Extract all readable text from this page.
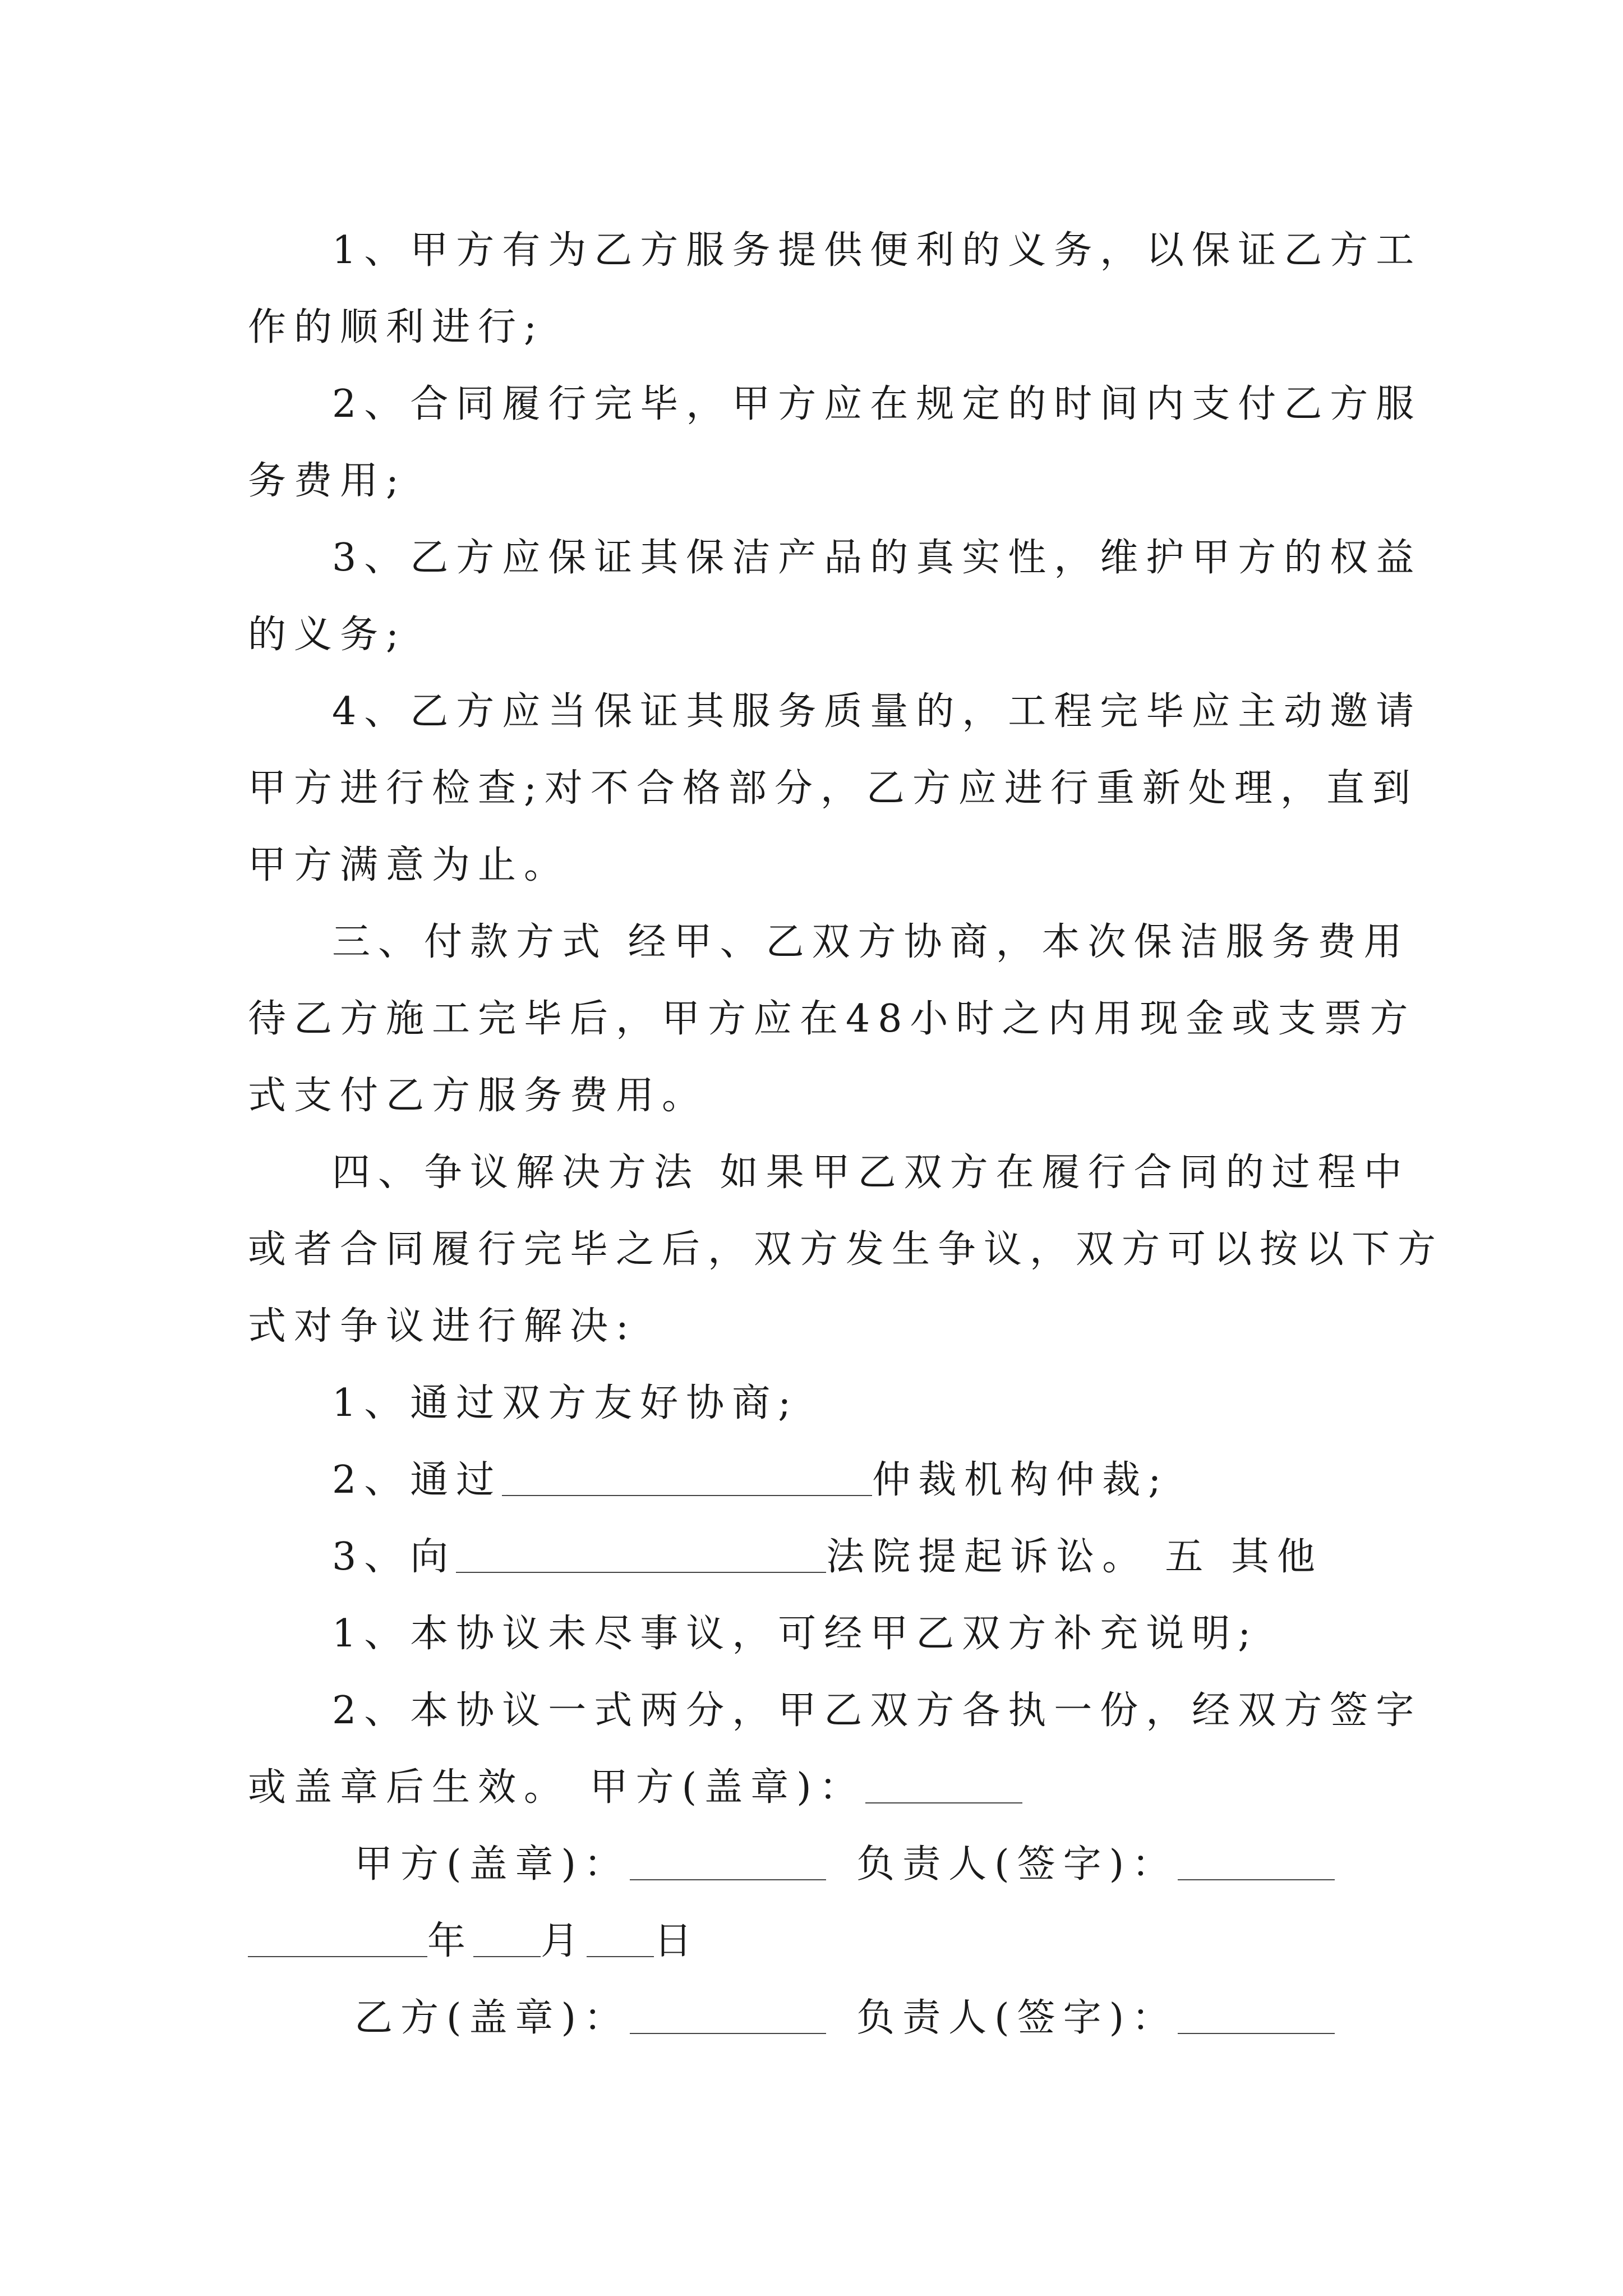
1、甲方有为乙方服务提供便利的义务，以保证乙方工
作的顺利进行;
2、合同履行完毕，甲方应在规定的时间内支付乙方服
务费用;
3、乙方应保证其保洁产品的真实性，维护甲方的权益
的义务;
4、乙方应当保证其服务质量的，工程完毕应主动邀请
甲方进行检查;对不合格部分，乙方应进行重新处理，直到
甲方满意为止。
三、付款方式 经甲、乙双方协商，本次保洁服务费用
待乙方施工完毕后，甲方应在48小时之内用现金或支票方
式支付乙方服务费用。
四、争议解决方法 如果甲乙双方在履行合同的过程中
或者合同履行完毕之后，双方发生争议，双方可以按以下方
式对争议进行解决:
1、通过双方友好协商;
2、通过	仲裁机构仲裁;
3、向	法院提起诉讼。 五 其他
1、本协议未尽事议，可经甲乙双方补充说明;
2、本协议一式两分，甲乙双方各执一份，经双方签字
或盖章后生效。 甲方(盖章)：
甲方(盖章)：	负责人(签字)：
年 月 日
乙方(盖章)：	负责人(签字)：
